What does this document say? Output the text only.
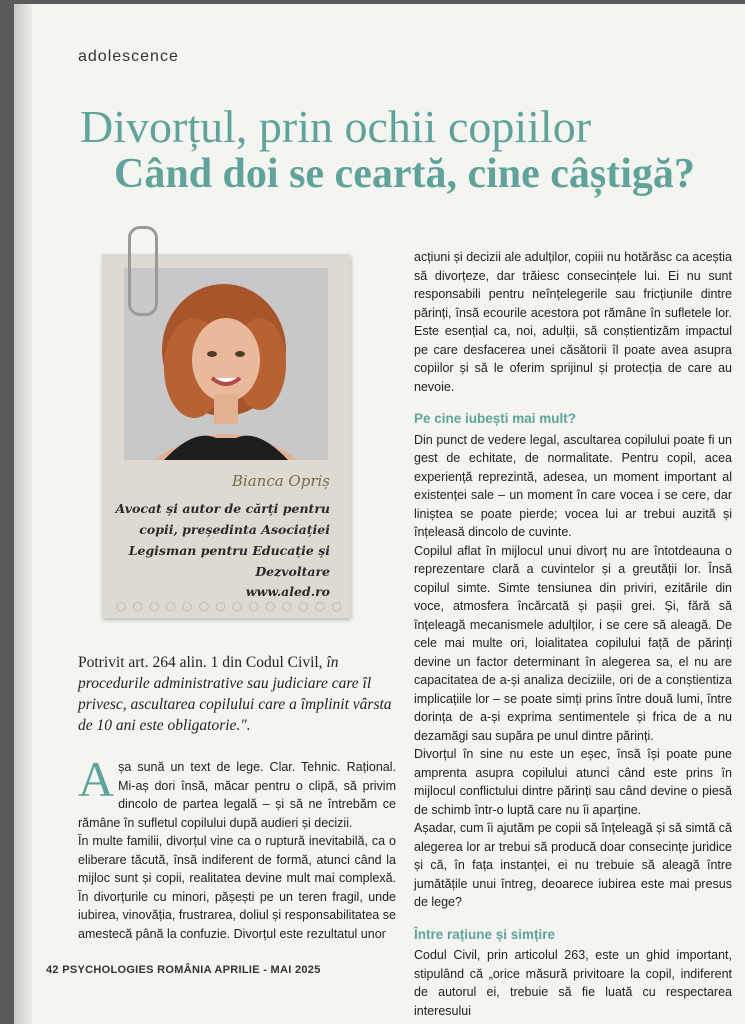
adolescence
Divorțul, prin ochii copiilor
Când doi se ceartă, cine câștigă?
Bianca Opriș
Avocat și autor de cărți pentru copii, președinta Asociației Legisman pentru Educație și Dezvoltare
www.aled.ro
◯ ◯ ◯ ◯ ◯ ◯ ◯ ◯ ◯ ◯ ◯ ◯ ◯ ◯
Potrivit art. 264 alin. 1 din Codul Civil, în procedurile administrative sau judiciare care îl privesc, ascultarea copilului care a împlinit vârsta de 10 ani este obligatorie.".

A șa sună un text de lege. Clar. Tehnic. Rațional. Mi-aș dori însă, măcar pentru o clipă, să privim dincolo de partea legală – și să ne întrebăm ce rămâne în sufletul copilului după audieri și decizii.

În multe familii, divorțul vine ca o ruptură inevitabilă, ca o eliberare tăcută, însă indiferent de formă, atunci când la mijloc sunt și copii, realitatea devine mult mai complexă. În divorțurile cu minori, pășești pe un teren fragil, unde iubirea, vinovăția, frustrarea, doliul și responsabilitatea se amestecă până la confuzie. Divorțul este rezultatul unor

acțiuni și decizii ale adulților, copiii nu hotărăsc ca aceștia să divorțeze, dar trăiesc consecințele lui. Ei nu sunt responsabili pentru neînțelegerile sau fricțiunile dintre părinți, însă ecourile acestora pot rămâne în sufletele lor. Este esențial ca, noi, adulții, să conștientizăm impactul pe care desfacerea unei căsătorii îl poate avea asupra copiilor și să le oferim sprijinul și protecția de care au nevoie.

Pe cine iubești mai mult?

Din punct de vedere legal, ascultarea copilului poate fi un gest de echitate, de normalitate. Pentru copil, acea experiență reprezintă, adesea, un moment important al existenței sale – un moment în care vocea i se cere, dar liniștea se poate pierde; vocea lui ar trebui auzită și înțeleasă dincolo de cuvinte.

Copilul aflat în mijlocul unui divorț nu are întotdeauna o reprezentare clară a cuvintelor și a greutății lor. Însă copilul simte. Simte tensiunea din priviri, ezitările din voce, atmosfera încărcată și pașii grei. Și, fără să înțeleagă mecanismele adulților, i se cere să aleagă. De cele mai multe ori, loialitatea copilului față de părinți devine un factor determinant în alegerea sa, el nu are capacitatea de a-și analiza deciziile, ori de a conștientiza implicațiile lor – se poate simți prins între două lumi, între dorința de a-și exprima sentimentele și frica de a nu dezamăgi sau supăra pe unul dintre părinți.

Divorțul în sine nu este un eșec, însă își poate pune amprenta asupra copilului atunci când este prins în mijlocul conflictului dintre părinți sau când devine o piesă de schimb într-o luptă care nu îi aparține.

Așadar, cum îi ajutăm pe copii să înțeleagă și să simtă că alegerea lor ar trebui să producă doar consecințe juridice și că, în fața instanței, ei nu trebuie să aleagă între jumătățile unui întreg, deoarece iubirea este mai presus de lege?

Între rațiune și simțire

Codul Civil, prin articolul 263, este un ghid important, stipulând că „orice măsură privitoare la copil, indiferent de autorul ei, trebuie să fie luată cu respectarea interesului

42 PSYCHOLOGIES ROMÂNIA APRILIE - MAI 2025
